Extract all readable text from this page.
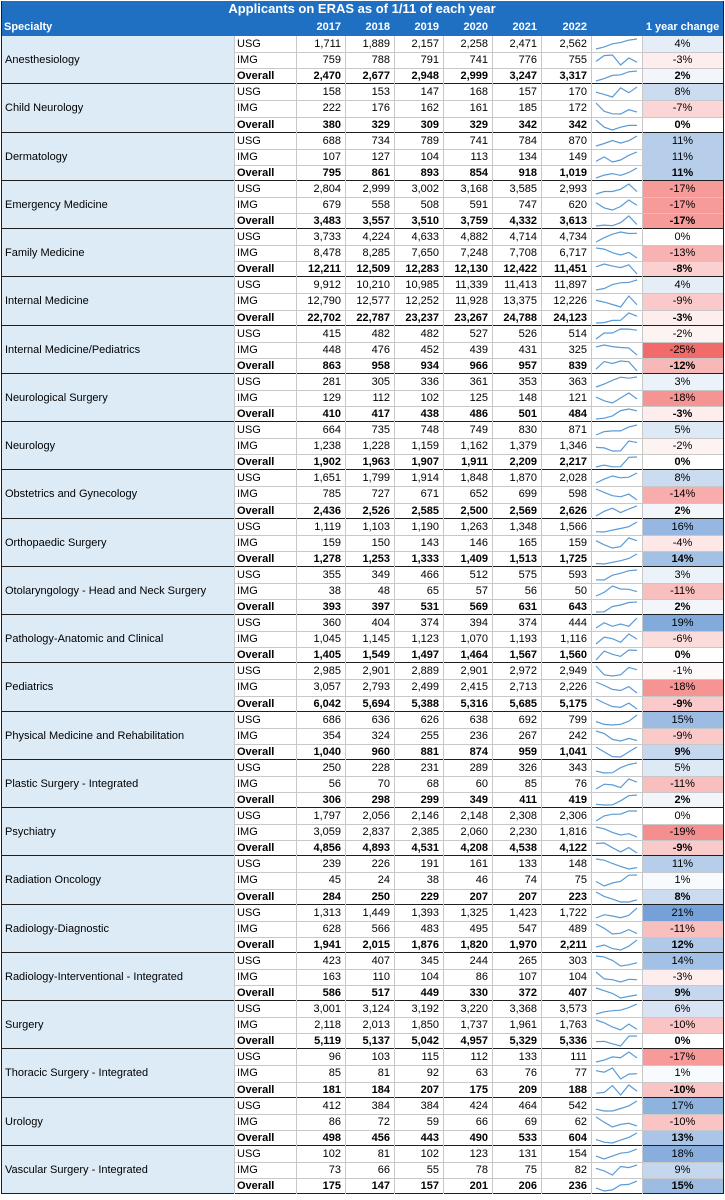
Applicants on ERAS as of 1/11 of each year
Specialty	2017	2018	2019	2020	2021	2022	1 year change
Anesthesiology
USG	1,711	1,889	2,157	2,258	2,471	2,562	4%
IMG	759	788	791	741	776	755	-3%
Overall	2,470	2,677	2,948	2,999	3,247	3,317	2%
Child Neurology
USG	158	153	147	168	157	170	8%
IMG	222	176	162	161	185	172	-7%
Overall	380	329	309	329	342	342	0%
Dermatology
USG	688	734	789	741	784	870	11%
IMG	107	127	104	113	134	149	11%
Overall	795	861	893	854	918	1,019	11%
Emergency Medicine
USG	2,804	2,999	3,002	3,168	3,585	2,993	-17%
IMG	679	558	508	591	747	620	-17%
Overall	3,483	3,557	3,510	3,759	4,332	3,613	-17%
Family Medicine
USG	3,733	4,224	4,633	4,882	4,714	4,734	0%
IMG	8,478	8,285	7,650	7,248	7,708	6,717	-13%
Overall	12,211	12,509	12,283	12,130	12,422	11,451	-8%
Internal Medicine
USG	9,912	10,210	10,985	11,339	11,413	11,897	4%
IMG	12,790	12,577	12,252	11,928	13,375	12,226	-9%
Overall	22,702	22,787	23,237	23,267	24,788	24,123	-3%
Internal Medicine/Pediatrics
USG	415	482	482	527	526	514	-2%
IMG	448	476	452	439	431	325	-25%
Overall	863	958	934	966	957	839	-12%
Neurological Surgery
USG	281	305	336	361	353	363	3%
IMG	129	112	102	125	148	121	-18%
Overall	410	417	438	486	501	484	-3%
Neurology
USG	664	735	748	749	830	871	5%
IMG	1,238	1,228	1,159	1,162	1,379	1,346	-2%
Overall	1,902	1,963	1,907	1,911	2,209	2,217	0%
Obstetrics and Gynecology
USG	1,651	1,799	1,914	1,848	1,870	2,028	8%
IMG	785	727	671	652	699	598	-14%
Overall	2,436	2,526	2,585	2,500	2,569	2,626	2%
Orthopaedic Surgery
USG	1,119	1,103	1,190	1,263	1,348	1,566	16%
IMG	159	150	143	146	165	159	-4%
Overall	1,278	1,253	1,333	1,409	1,513	1,725	14%
Otolaryngology - Head and Neck Surgery
USG	355	349	466	512	575	593	3%
IMG	38	48	65	57	56	50	-11%
Overall	393	397	531	569	631	643	2%
Pathology-Anatomic and Clinical
USG	360	404	374	394	374	444	19%
IMG	1,045	1,145	1,123	1,070	1,193	1,116	-6%
Overall	1,405	1,549	1,497	1,464	1,567	1,560	0%
Pediatrics
USG	2,985	2,901	2,889	2,901	2,972	2,949	-1%
IMG	3,057	2,793	2,499	2,415	2,713	2,226	-18%
Overall	6,042	5,694	5,388	5,316	5,685	5,175	-9%
Physical Medicine and Rehabilitation
USG	686	636	626	638	692	799	15%
IMG	354	324	255	236	267	242	-9%
Overall	1,040	960	881	874	959	1,041	9%
Plastic Surgery - Integrated
USG	250	228	231	289	326	343	5%
IMG	56	70	68	60	85	76	-11%
Overall	306	298	299	349	411	419	2%
Psychiatry
USG	1,797	2,056	2,146	2,148	2,308	2,306	0%
IMG	3,059	2,837	2,385	2,060	2,230	1,816	-19%
Overall	4,856	4,893	4,531	4,208	4,538	4,122	-9%
Radiation Oncology
USG	239	226	191	161	133	148	11%
IMG	45	24	38	46	74	75	1%
Overall	284	250	229	207	207	223	8%
Radiology-Diagnostic
USG	1,313	1,449	1,393	1,325	1,423	1,722	21%
IMG	628	566	483	495	547	489	-11%
Overall	1,941	2,015	1,876	1,820	1,970	2,211	12%
Radiology-Interventional - Integrated
USG	423	407	345	244	265	303	14%
IMG	163	110	104	86	107	104	-3%
Overall	586	517	449	330	372	407	9%
Surgery
USG	3,001	3,124	3,192	3,220	3,368	3,573	6%
IMG	2,118	2,013	1,850	1,737	1,961	1,763	-10%
Overall	5,119	5,137	5,042	4,957	5,329	5,336	0%
Thoracic Surgery - Integrated
USG	96	103	115	112	133	111	-17%
IMG	85	81	92	63	76	77	1%
Overall	181	184	207	175	209	188	-10%
Urology
USG	412	384	384	424	464	542	17%
IMG	86	72	59	66	69	62	-10%
Overall	498	456	443	490	533	604	13%
Vascular Surgery - Integrated
USG	102	81	102	123	131	154	18%
IMG	73	66	55	78	75	82	9%
Overall	175	147	157	201	206	236	15%
